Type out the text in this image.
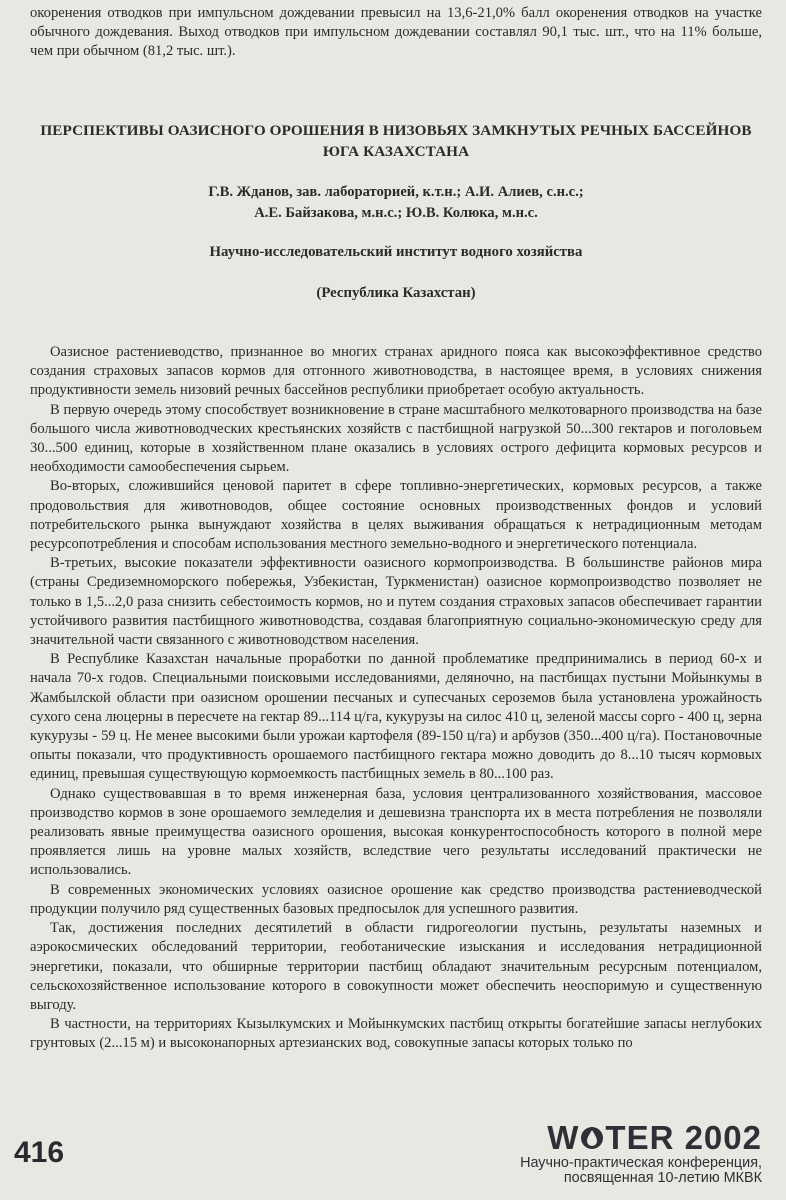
окоренения отводков при импульсном дождевании превысил на 13,6-21,0% балл окоренения отводков на участке обычного дождевания. Выход отводков при импульсном дождевании составлял 90,1 тыс. шт., что на 11% больше, чем при обычном (81,2 тыс. шт.).

ПЕРСПЕКТИВЫ ОАЗИСНОГО ОРОШЕНИЯ В НИЗОВЬЯХ ЗАМКНУТЫХ РЕЧНЫХ БАССЕЙНОВ ЮГА КАЗАХСТАНА
Г.В. Жданов, зав. лабораторией, к.т.н.; А.И. Алиев, с.н.с.;
А.Е. Байзакова, м.н.с.; Ю.В. Колюка, м.н.с.
Научно-исследовательский институт водного хозяйства
(Республика Казахстан)

Оазисное растениеводство, признанное во многих странах аридного пояса как высокоэффективное средство создания страховых запасов кормов для отгонного животноводства, в настоящее время, в условиях снижения продуктивности земель низовий речных бассейнов республики приобретает особую актуальность.

В первую очередь этому способствует возникновение в стране масштабного мелкотоварного производства на базе большого числа животноводческих крестьянских хозяйств с пастбищной нагрузкой 50...300 гектаров и поголовьем 30...500 единиц, которые в хозяйственном плане оказались в условиях острого дефицита кормовых ресурсов и необходимости самообеспечения сырьем.

Во-вторых, сложившийся ценовой паритет в сфере топливно-энергетических, кормовых ресурсов, а также продовольствия для животноводов, общее состояние основных производственных фондов и условий потребительского рынка вынуждают хозяйства в целях выживания обращаться к нетрадиционным методам ресурсопотребления и способам использования местного земельно-водного и энергетического потенциала.

В-третьих, высокие показатели эффективности оазисного кормопроизводства. В большинстве районов мира (страны Средиземноморского побережья, Узбекистан, Туркменистан) оазисное кормопроизводство позволяет не только в 1,5...2,0 раза снизить себестоимость кормов, но и путем создания страховых запасов обеспечивает гарантии устойчивого развития пастбищного животноводства, создавая благоприятную социально-экономическую среду для значительной части связанного с животноводством населения.

В Республике Казахстан начальные проработки по данной проблематике предпринимались в период 60-х и начала 70-х годов. Специальными поисковыми исследованиями, деляночно, на пастбищах пустыни Мойынкумы в Жамбылской области при оазисном орошении песчаных и супесчаных сероземов была установлена урожайность сухого сена люцерны в пересчете на гектар 89...114 ц/га, кукурузы на силос 410 ц, зеленой массы сорго - 400 ц, зерна кукурузы - 59 ц. Не менее высокими были урожаи картофеля (89-150 ц/га) и арбузов (350...400 ц/га). Постановочные опыты показали, что продуктивность орошаемого пастбищного гектара можно доводить до 8...10 тысяч кормовых единиц, превышая существующую кормоемкость пастбищных земель в 80...100 раз.

Однако существовавшая в то время инженерная база, условия централизованного хозяйствования, массовое производство кормов в зоне орошаемого земледелия и дешевизна транспорта их в места потребления не позволяли реализовать явные преимущества оазисного орошения, высокая конкурентоспособность которого в полной мере проявляется лишь на уровне малых хозяйств, вследствие чего результаты исследований практически не использовались.

В современных экономических условиях оазисное орошение как средство производства растениеводческой продукции получило ряд существенных базовых предпосылок для успешного развития.

Так, достижения последних десятилетий в области гидрогеологии пустынь, результаты наземных и аэрокосмических обследований территории, геоботанические изыскания и исследования нетрадиционной энергетики, показали, что обширные территории пастбищ обладают значительным ресурсным потенциалом, сельскохозяйственное использование которого в совокупности может обеспечить неоспоримую и существенную выгоду.

В частности, на территориях Кызылкумских и Мойынкумских пастбищ открыты богатейшие запасы неглубоких грунтовых (2...15 м) и высоконапорных артезианских вод, совокупные запасы которых только по

416	W TER 2002
Научно-практическая конференция,
посвященная 10-летию МКВК
